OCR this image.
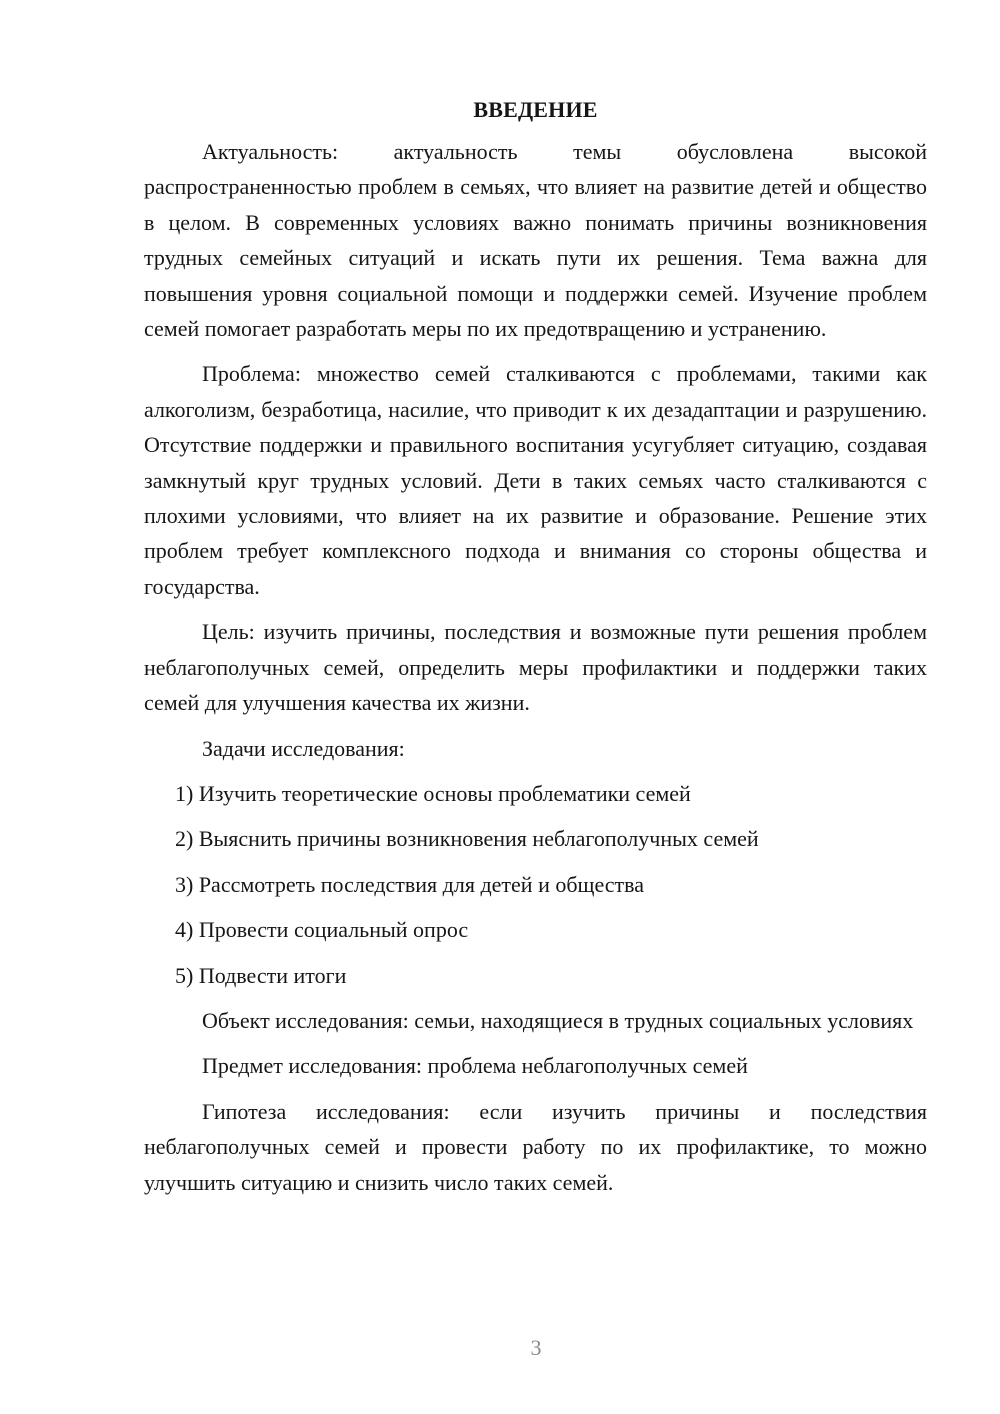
ВВЕДЕНИЕ

Актуальность: актуальность темы обусловлена высокой распространенностью проблем в семьях, что влияет на развитие детей и общество в целом. В современных условиях важно понимать причины возникновения трудных семейных ситуаций и искать пути их решения. Тема важна для повышения уровня социальной помощи и поддержки семей. Изучение проблем семей помогает разработать меры по их предотвращению и устранению.

Проблема: множество семей сталкиваются с проблемами, такими как алкоголизм, безработица, насилие, что приводит к их дезадаптации и разрушению. Отсутствие поддержки и правильного воспитания усугубляет ситуацию, создавая замкнутый круг трудных условий. Дети в таких семьях часто сталкиваются с плохими условиями, что влияет на их развитие и образование. Решение этих проблем требует комплексного подхода и внимания со стороны общества и государства.

Цель: изучить причины, последствия и возможные пути решения проблем неблагополучных семей, определить меры профилактики и поддержки таких семей для улучшения качества их жизни.

Задачи исследования:

1) Изучить теоретические основы проблематики семей
2) Выяснить причины возникновения неблагополучных семей
3) Рассмотреть последствия для детей и общества
4) Провести социальный опрос
5) Подвести итоги

Объект исследования: семьи, находящиеся в трудных социальных условиях

Предмет исследования: проблема неблагополучных семей

Гипотеза исследования: если изучить причины и последствия неблагополучных семей и провести работу по их профилактике, то можно улучшить ситуацию и снизить число таких семей.

3
